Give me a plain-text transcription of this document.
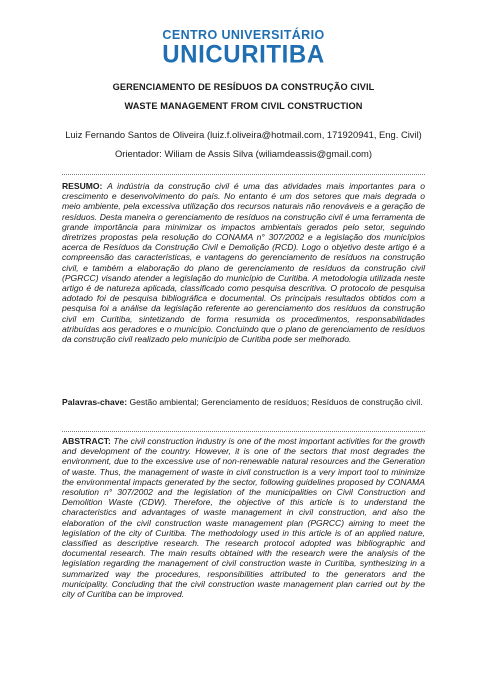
CENTRO UNIVERSITÁRIO
UNICURITIBA
GERENCIAMENTO DE RESÍDUOS DA CONSTRUÇÃO CIVIL
WASTE MANAGEMENT FROM CIVIL CONSTRUCTION
Luiz Fernando Santos de Oliveira (luiz.f.oliveira@hotmail.com, 171920941, Eng. Civil)
Orientador: Wiliam de Assis Silva (wiliamdeassis@gmail.com)
RESUMO: A indústria da construção civil é uma das atividades mais importantes para o crescimento e desenvolvimento do país. No entanto é um dos setores que mais degrada o meio ambiente, pela excessiva utilização dos recursos naturais não renováveis e a geração de resíduos. Desta maneira o gerenciamento de resíduos na construção civil é uma ferramenta de grande importância para minimizar os impactos ambientais gerados pelo setor, seguindo diretrizes propostas pela resolução do CONAMA n° 307/2002 e a legislação dos municípios acerca de Resíduos da Construção Civil e Demolição (RCD). Logo o objetivo deste artigo é a compreensão das características, e vantagens do gerenciamento de resíduos na construção civil, e também a elaboração do plano de gerenciamento de resíduos da construção civil (PGRCC) visando atender a legislação do município de Curitiba. A metodologia utilizada neste artigo é de natureza aplicada, classificado como pesquisa descritiva. O protocolo de pesquisa adotado foi de pesquisa bibliográfica e documental. Os principais resultados obtidos com a pesquisa foi a análise da legislação referente ao gerenciamento dos resíduos da construção civil em Curitiba, sintetizando de forma resumida os procedimentos, responsabilidades atribuídas aos geradores e o município. Concluindo que o plano de gerenciamento de resíduos da construção civil realizado pelo município de Curitiba pode ser melhorado.
Palavras-chave: Gestão ambiental; Gerenciamento de resíduos; Resíduos de construção civil.
ABSTRACT: The civil construction industry is one of the most important activities for the growth and development of the country. However, it is one of the sectors that most degrades the environment, due to the excessive use of non-renewable natural resources and the Generation of waste. Thus, the management of waste in civil construction is a very import tool to minimize the environmental impacts generated by the sector, following guidelines proposed by CONAMA resolution n° 307/2002 and the legislation of the municipalities on Civil Construction and Demolition Waste (CDW). Therefore, the objective of this article is to understand the characteristics and advantages of waste management in civil construction, and also the elaboration of the civil construction waste management plan (PGRCC) aiming to meet the legislation of the city of Curitiba. The methodology used in this article is of an applied nature, classified as descriptive research. The research protocol adopted was bibliographic and documental research. The main results obtained with the research were the analysis of the legislation regarding the management of civil construction waste in Curitiba, synthesizing in a summarized way the procedures, responsibilities attributed to the generators and the municipality. Concluding that the civil construction waste management plan carried out by the city of Curitiba can be improved.
